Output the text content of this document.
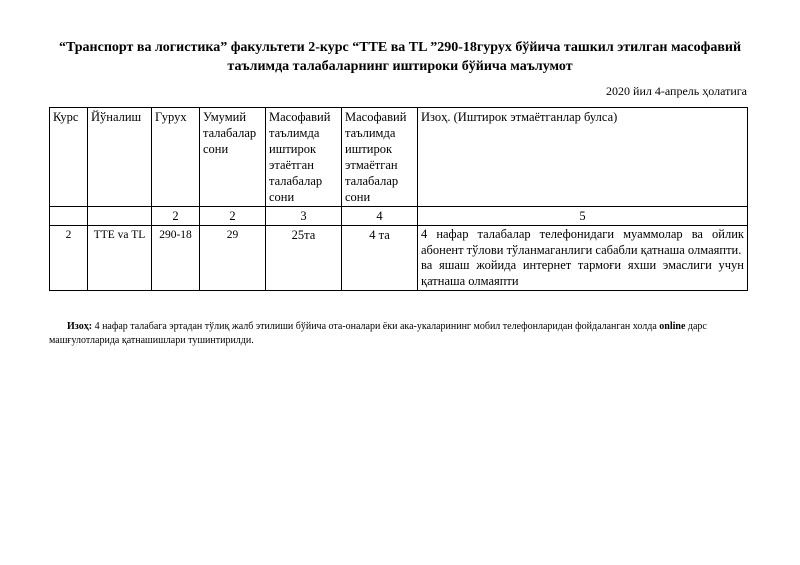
“Транспорт ва логистика” факультети 2-курс “TTE ва TL ”290-18гурух бўйича ташкил этилган масофавий
таълимда талабаларнинг иштироки бўйича маълумот
2020 йил 4-апрель ҳолатига
Курс	Йўналиш	Гурух	Умумий талабалар сони	Масофавий таълимда иштирок этаётган талабалар сони	Масофавий таълимда иштирок этмаётган талабалар сони	Изоҳ. (Иштирок этмаётганлар булса)
		2	2	3	4	5
2	TTE va TL	290-18	29	25та	4 та	4 нафар талабалар телефонидаги муаммолар ва ойлик абонент тўлови тўланмаганлиги сабабли қатнаша олмаяпти.
ва яшаш жойида интернет тармоғи яхши эмаслиги учун қатнаша олмаяпти
Изоҳ: 4 нафар талабага эртадан тўлиқ жалб этилиши бўйича ота-оналари ёки ака-укаларининг мобил телефонларидан фойдаланган холда online дарс машғулотларида қатнашишлари тушинтирилди.
